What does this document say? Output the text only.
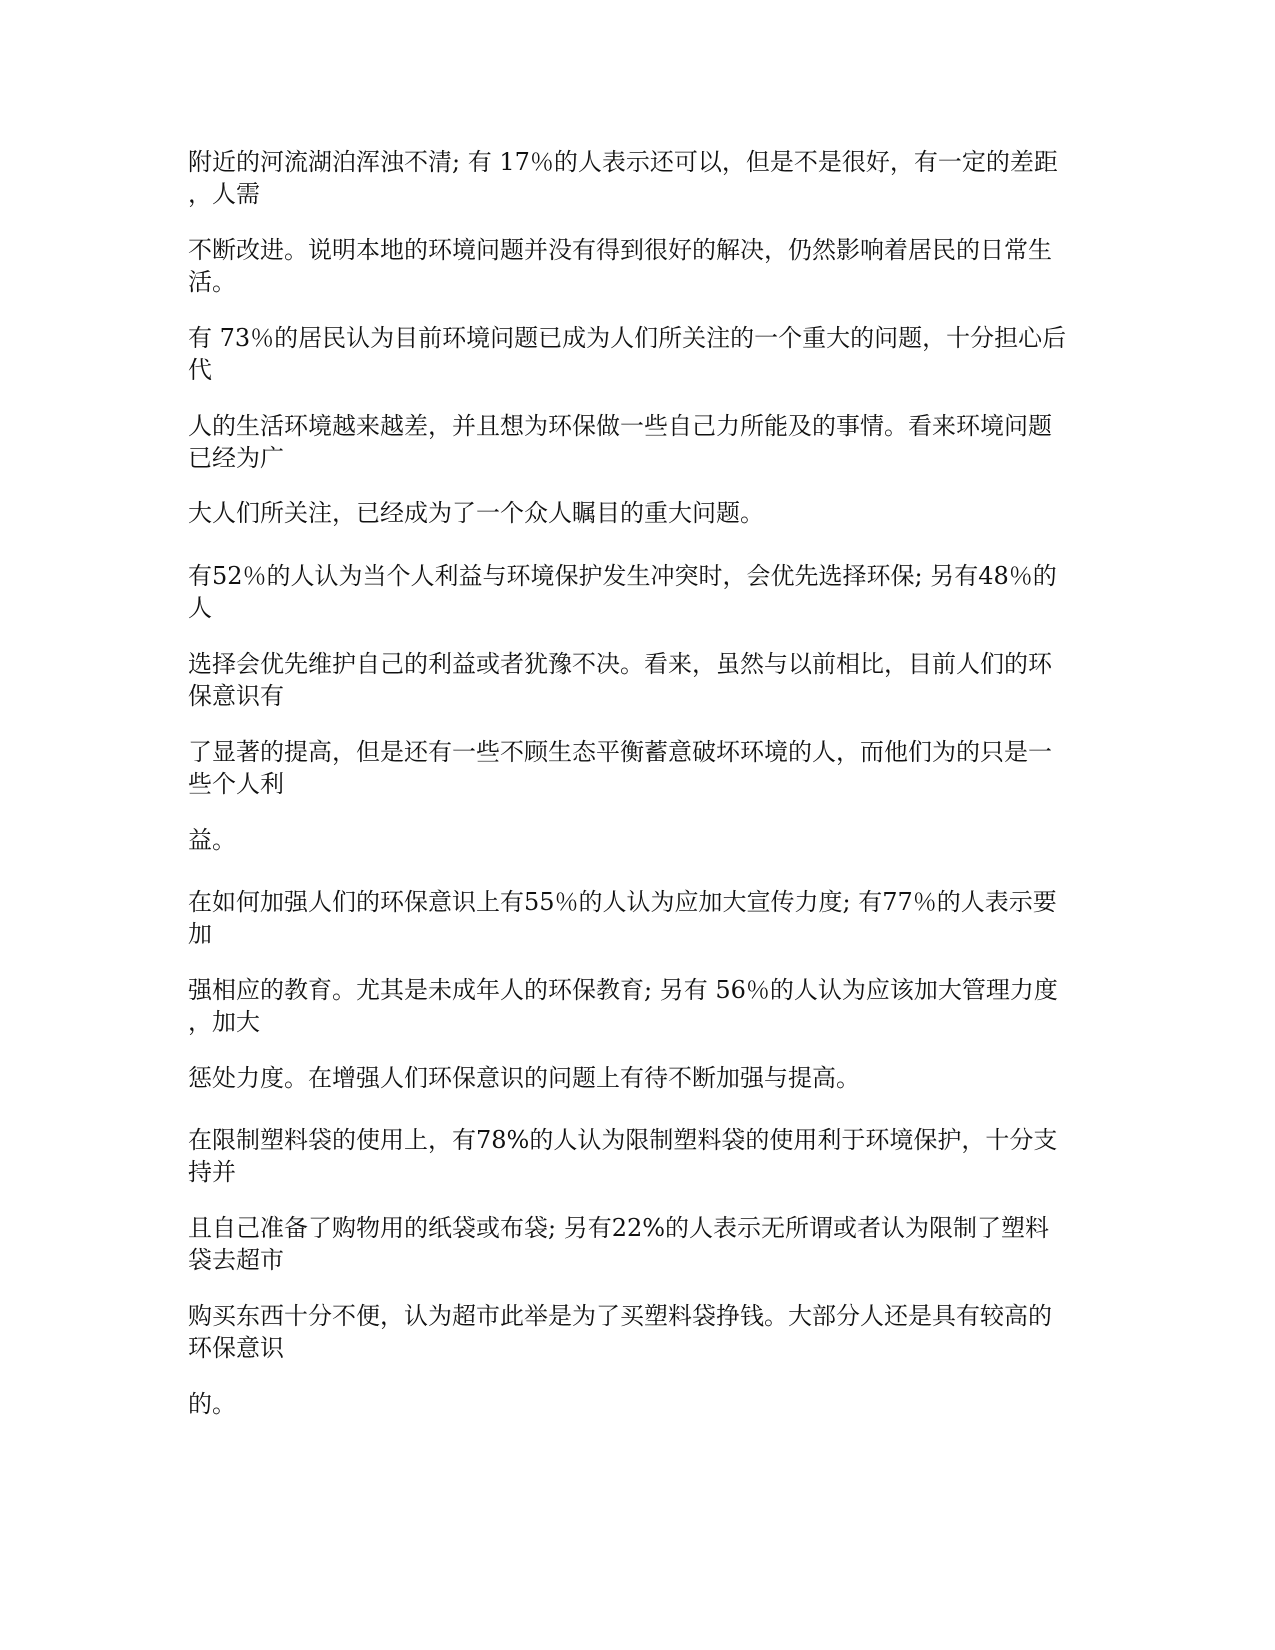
附近的河流湖泊浑浊不清; 有 17％的人表示还可以，但是不是很好，有一定的差距
，人需

不断改进。说明本地的环境问题并没有得到很好的解决，仍然影响着居民的日常生
活。

有 73％的居民认为目前环境问题已成为人们所关注的一个重大的问题，十分担心后
代

人的生活环境越来越差，并且想为环保做一些自己力所能及的事情。看来环境问题
已经为广

大人们所关注，已经成为了一个众人瞩目的重大问题。

有52％的人认为当个人利益与环境保护发生冲突时，会优先选择环保; 另有48％的
人

选择会优先维护自己的利益或者犹豫不决。看来，虽然与以前相比，目前人们的环
保意识有

了显著的提高，但是还有一些不顾生态平衡蓄意破坏环境的人，而他们为的只是一
些个人利

益。

在如何加强人们的环保意识上有55％的人认为应加大宣传力度; 有77％的人表示要
加

强相应的教育。尤其是未成年人的环保教育; 另有 56％的人认为应该加大管理力度
，加大

惩处力度。在增强人们环保意识的问题上有待不断加强与提高。

在限制塑料袋的使用上，有78%的人认为限制塑料袋的使用利于环境保护，十分支
持并

且自己准备了购物用的纸袋或布袋; 另有22%的人表示无所谓或者认为限制了塑料
袋去超市

购买东西十分不便，认为超市此举是为了买塑料袋挣钱。大部分人还是具有较高的
环保意识

的。
